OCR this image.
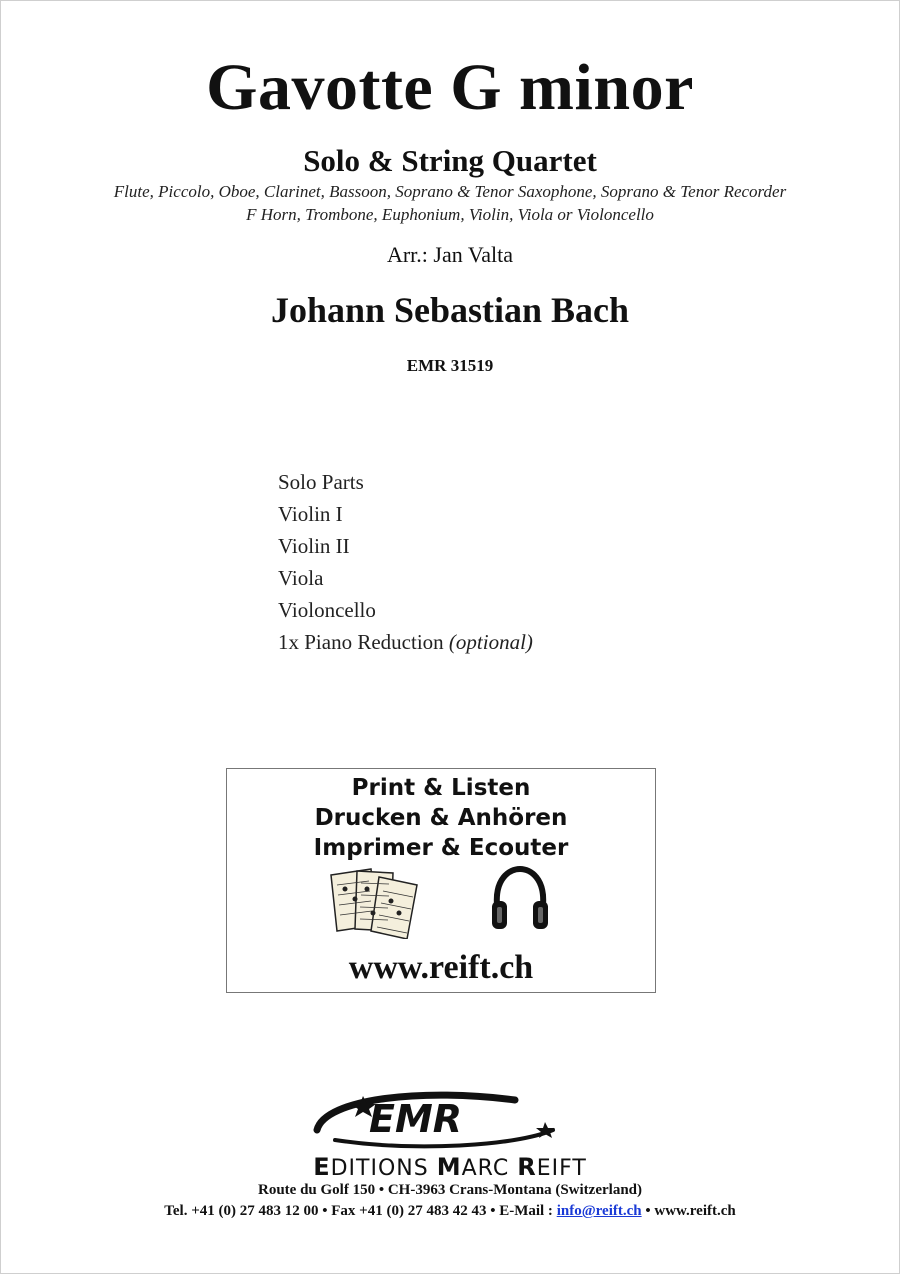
Gavotte G minor
Solo & String Quartet
Flute, Piccolo, Oboe, Clarinet, Bassoon, Soprano & Tenor Saxophone, Soprano & Tenor Recorder
F Horn, Trombone, Euphonium, Violin, Viola or Violoncello
Arr.: Jan Valta
Johann Sebastian Bach
EMR 31519
Solo Parts
Violin I
Violin II
Viola
Violoncello
1x Piano Reduction (optional)
Print & Listen
Drucken & Anhören
Imprimer & Ecouter
www.reift.ch
EMR
EDITIONS MARC REIFT
Route du Golf 150 • CH-3963 Crans-Montana (Switzerland)
Tel. +41 (0) 27 483 12 00 • Fax +41 (0) 27 483 42 43 • E-Mail : info@reift.ch • www.reift.ch
